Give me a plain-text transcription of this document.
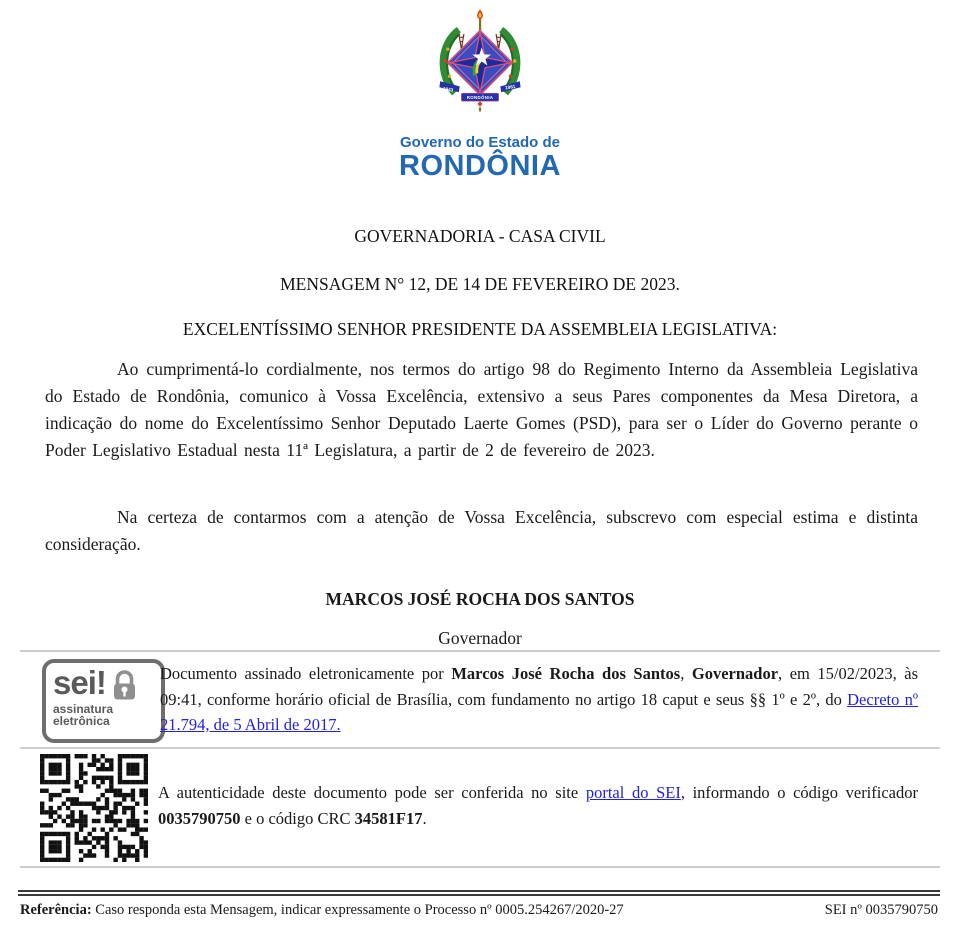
1943	1981
RONDÔNIA
Governo do Estado de
RONDÔNIA
GOVERNADORIA - CASA CIVIL
MENSAGEM N° 12, DE 14 DE FEVEREIRO DE 2023.
EXCELENTÍSSIMO SENHOR PRESIDENTE DA ASSEMBLEIA LEGISLATIVA:
Ao cumprimentá-lo cordialmente, nos termos do artigo 98 do Regimento Interno da Assembleia Legislativa do Estado de Rondônia, comunico à Vossa Excelência, extensivo a seus Pares componentes da Mesa Diretora, a indicação do nome do Excelentíssimo Senhor Deputado Laerte Gomes (PSD), para ser o Líder do Governo perante o Poder Legislativo Estadual nesta 11ª Legislatura, a partir de 2 de fevereiro de 2023.
Na certeza de contarmos com a atenção de Vossa Excelência, subscrevo com especial estima e distinta consideração.
MARCOS JOSÉ ROCHA DOS SANTOS
Governador
sei!
assinatura
eletrônica
Documento assinado eletronicamente por Marcos José Rocha dos Santos, Governador, em 15/02/2023, às 09:41, conforme horário oficial de Brasília, com fundamento no artigo 18 caput e seus §§ 1º e 2º, do Decreto nº 21.794, de 5 Abril de 2017.
A autenticidade deste documento pode ser conferida no site portal do SEI, informando o código verificador 0035790750 e o código CRC 34581F17.
Referência: Caso responda esta Mensagem, indicar expressamente o Processo nº 0005.254267/2020-27	SEI nº 0035790750
